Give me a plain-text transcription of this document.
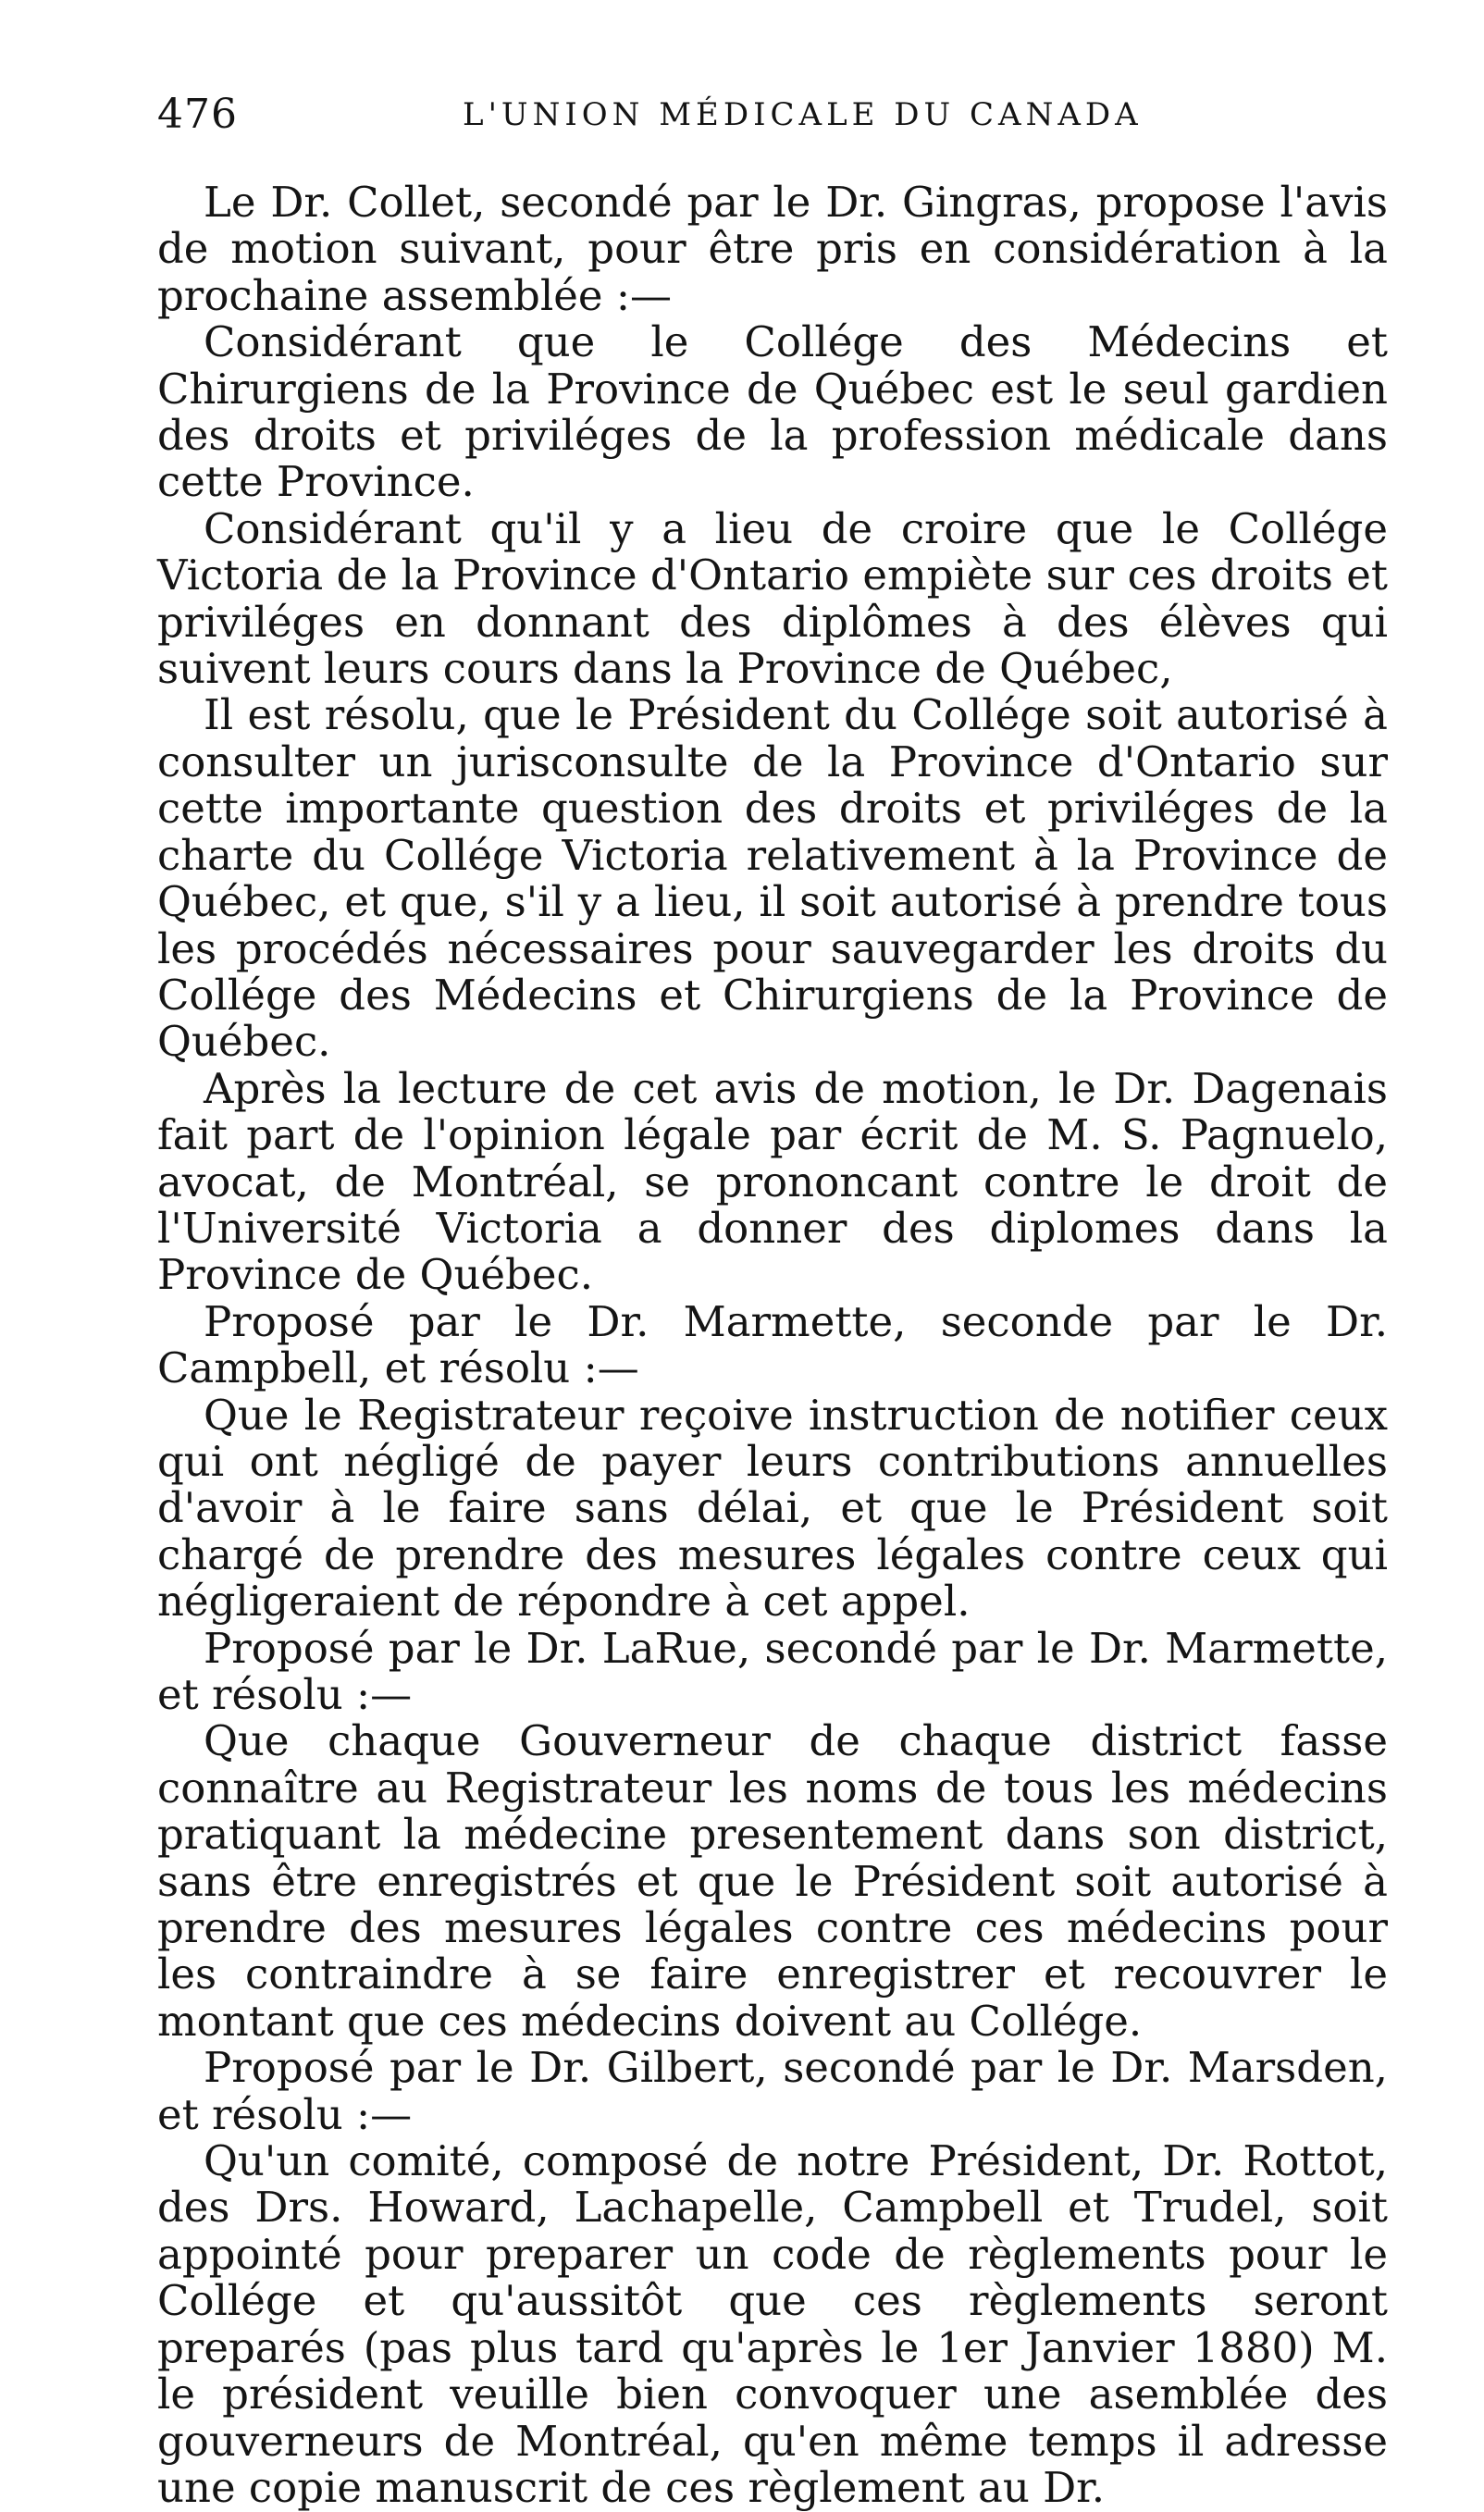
476	L'UNION MÉDICALE DU CANADA

Le Dr. Collet, secondé par le Dr. Gingras, propose l'avis de motion suivant, pour être pris en considération à la prochaine assemblée :—

Considérant que le Collége des Médecins et Chirurgiens de la Province de Québec est le seul gardien des droits et priviléges de la profession médicale dans cette Province.

Considérant qu'il y a lieu de croire que le Collége Victoria de la Province d'Ontario empiète sur ces droits et priviléges en donnant des diplômes à des élèves qui suivent leurs cours dans la Province de Québec,

Il est résolu, que le Président du Collége soit autorisé à consulter un jurisconsulte de la Province d'Ontario sur cette importante question des droits et priviléges de la charte du Collége Victoria relativement à la Province de Québec, et que, s'il y a lieu, il soit autorisé à prendre tous les procédés nécessaires pour sauvegarder les droits du Collége des Médecins et Chirurgiens de la Province de Québec.

Après la lecture de cet avis de motion, le Dr. Dagenais fait part de l'opinion légale par écrit de M. S. Pagnuelo, avocat, de Montréal, se prononcant contre le droit de l'Université Victoria a donner des diplomes dans la Province de Québec.

Proposé par le Dr. Marmette, seconde par le Dr. Campbell, et résolu :—

Que le Registrateur reçoive instruction de notifier ceux qui ont négligé de payer leurs contributions annuelles d'avoir à le faire sans délai, et que le Président soit chargé de prendre des mesures légales contre ceux qui négligeraient de répondre à cet appel.

Proposé par le Dr. LaRue, secondé par le Dr. Marmette, et résolu :—

Que chaque Gouverneur de chaque district fasse connaître au Registrateur les noms de tous les médecins pratiquant la médecine presentement dans son district, sans être enregistrés et que le Président soit autorisé à prendre des mesures légales contre ces médecins pour les contraindre à se faire enregistrer et recouvrer le montant que ces médecins doivent au Collége.

Proposé par le Dr. Gilbert, secondé par le Dr. Marsden, et résolu :—

Qu'un comité, composé de notre Président, Dr. Rottot, des Drs. Howard, Lachapelle, Campbell et Trudel, soit appointé pour preparer un code de règlements pour le Collége et qu'aussitôt que ces règlements seront preparés (pas plus tard qu'après le 1er Janvier 1880) M. le président veuille bien convoquer une asemblée des gouverneurs de Montréal, qu'en même temps il adresse une copie manuscrit de ces règlement au Dr.
